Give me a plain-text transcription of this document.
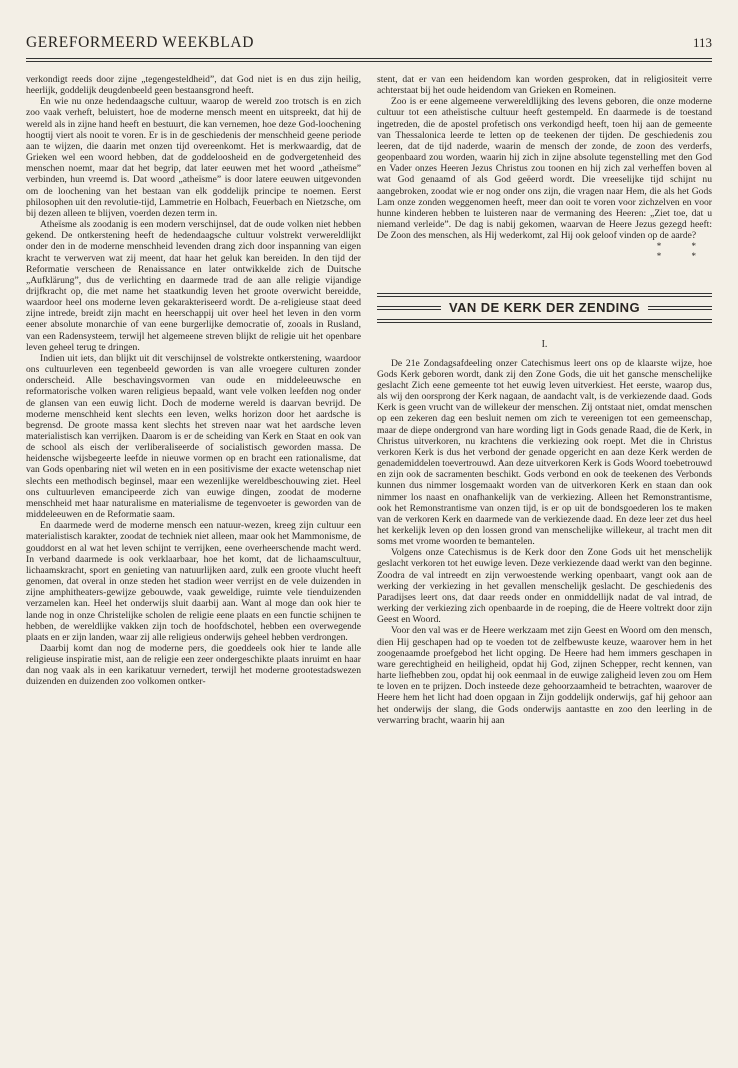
GEREFORMEERD WEEKBLAD	113

verkondigt reeds door zijne „tegengesteldheid”, dat God niet is en dus zijn heilig, heerlijk, goddelijk deugdenbeeld geen bestaansgrond heeft.

En wie nu onze hedendaagsche cultuur, waarop de wereld zoo trotsch is en zich zoo vaak verheft, beluistert, hoe de moderne mensch meent en uitspreekt, dat hij de wereld als in zijne hand heeft en bestuurt, die kan vernemen, hoe deze God-loochening hoogtij viert als nooit te voren. Er is in de geschiedenis der menschheid geene periode aan te wijzen, die daarin met onzen tijd overeenkomt. Het is merkwaardig, dat de Grieken wel een woord hebben, dat de goddeloosheid en de godvergetenheid des menschen noemt, maar dat het begrip, dat later eeuwen met het woord „atheïsme” verbinden, hun vreemd is. Dat woord „atheïsme” is door latere eeuwen uitgevonden om de loochening van het bestaan van elk goddelijk principe te noemen. Eerst philosophen uit den revolutie-tijd, Lammetrie en Holbach, Feuerbach en Nietzsche, om bij dezen alleen te blijven, voerden dezen term in.

Atheïsme als zoodanig is een modern verschijnsel, dat de oude volken niet hebben gekend. De ontkerstening heeft de hedendaagsche cultuur volstrekt verwereldlijkt onder den in de moderne menschheid levenden drang zich door inspanning van eigen kracht te verwerven wat zij meent, dat haar het geluk kan bereiden. In den tijd der Reformatie verscheen de Renaissance en later ontwikkelde zich de Duitsche „Aufklärung”, dus de verlichting en daarmede trad de aan alle religie vijandige drijfkracht op, die met name het staatkundig leven het groote overwicht bereidde, waardoor heel ons moderne leven gekarakteriseerd wordt. De a-religieuse staat deed zijne intrede, breidt zijn macht en heerschappij uit over heel het leven in den vorm eener absolute monarchie of van eene burgerlijke democratie of, zooals in Rusland, van een Radensysteem, terwijl het algemeene streven blijkt de religie uit het openbare leven geheel terug te dringen.

Indien uit iets, dan blijkt uit dit verschijnsel de volstrekte ontkerstening, waardoor ons cultuurleven een tegenbeeld geworden is van alle vroegere culturen zonder onderscheid. Alle beschavingsvormen van oude en middeleeuwsche en reformatorische volken waren religieus bepaald, want vele volken leefden nog onder de glansen van een euwig licht. Doch de moderne wereld is daarvan bevrijd. De moderne menschheid kent slechts een leven, welks horizon door het aardsche is begrensd. De groote massa kent slechts het streven naar wat het aardsche leven materialistisch kan verrijken. Daarom is er de scheiding van Kerk en Staat en ook van de school als eisch der verliberaliseerde of socialistisch geworden massa. De heidensche wijsbegeerte leefde in nieuwe vormen op en bracht een rationalisme, dat van Gods openbaring niet wil weten en in een positivisme der exacte wetenschap niet slechts een methodisch beginsel, maar een wezenlijke wereldbeschouwing ziet. Heel ons cultuurleven emancipeerde zich van euwige dingen, zoodat de moderne menschheid met haar naturalisme en materialisme de tegenvoeter is geworden van de middeleeuwen en de Reformatie saam.

En daarmede werd de moderne mensch een natuur-wezen, kreeg zijn cultuur een materialistisch karakter, zoodat de techniek niet alleen, maar ook het Mammonisme, de gouddorst en al wat het leven schijnt te verrijken, eene overheerschende macht werd. In verband daarmede is ook verklaarbaar, hoe het komt, dat de lichaamscultuur, lichaamskracht, sport en genieting van natuurlijken aard, zulk een groote vlucht heeft genomen, dat overal in onze steden het stadion weer verrijst en de vele duizenden in zijne amphitheaters-gewijze gebouwde, vaak geweldige, ruimte vele tienduizenden verzamelen kan. Heel het onderwijs sluit daarbij aan. Want al moge dan ook hier te lande nog in onze Christelijke scholen de religie eene plaats en een functie schijnen te hebben, de wereldlijke vakken zijn toch de hoofdschotel, hebben een overwegende plaats en er zijn landen, waar zij alle religieus onderwijs geheel hebben verdrongen.

Daarbij komt dan nog de moderne pers, die goeddeels ook hier te lande alle religieuse inspiratie mist, aan de religie een zeer ondergeschikte plaats inruimt en haar dan nog vaak als in een karikatuur vernedert, terwijl het moderne grootestadswezen duizenden en duizenden zoo volkomen ontker-

stent, dat er van een heidendom kan worden gesproken, dat in religiositeit verre achterstaat bij het oude heidendom van Grieken en Romeinen.

Zoo is er eene algemeene verwereldlijking des levens geboren, die onze moderne cultuur tot een atheïstische cultuur heeft gestempeld. En daarmede is de toestand ingetreden, die de apostel profetisch ons verkondigd heeft, toen hij aan de gemeente van Thessalonica leerde te letten op de teekenen der tijden. De geschiedenis zou leeren, dat de tijd naderde, waarin de mensch der zonde, de zoon des verderfs, geopenbaard zou worden, waarin hij zich in zijne absolute tegenstelling met den God en Vader onzes Heeren Jezus Christus zou toonen en hij zich zal verheffen boven al wat God genaamd of als God geëerd wordt. Die vreeselijke tijd schijnt nu aangebroken, zoodat wie er nog onder ons zijn, die vragen naar Hem, die als het Gods Lam onze zonden weggenomen heeft, meer dan ooit te voren voor zichzelven en voor hunne kinderen hebben te luisteren naar de vermaning des Heeren: „Ziet toe, dat u niemand verleide”. De dag is nabij gekomen, waarvan de Heere Jezus gezegd heeft: De Zoon des menschen, als Hij wederkomt, zal Hij ook geloof vinden op de aarde?

* *
* *
VAN DE KERK DER ZENDING
I.

De 21e Zondagsafdeeling onzer Catechismus leert ons op de klaarste wijze, hoe Gods Kerk geboren wordt, dank zij den Zone Gods, die uit het gansche menschelijke geslacht Zich eene gemeente tot het euwig leven uitverkiest. Het eerste, waarop dus, als wij den oorsprong der Kerk nagaan, de aandacht valt, is de verkiezende daad. Gods Kerk is geen vrucht van de willekeur der menschen. Zij ontstaat niet, omdat menschen op een zekeren dag een besluit nemen om zich te vereenigen tot een gemeenschap, maar de diepe ondergrond van hare wording ligt in Gods genade Raad, die de Kerk, in Christus uitverkoren, nu krachtens die verkiezing ook roept. Met die in Christus verkoren Kerk is dus het verbond der genade opgericht en aan deze Kerk werden de genademiddelen toevertrouwd. Aan deze uitverkoren Kerk is Gods Woord toebetrouwd en zijn ook de sacramenten beschikt. Gods verbond en ook de teekenen des Verbonds kunnen dus nimmer losgemaakt worden van de uitverkoren Kerk en staan dan ook nimmer los naast en onafhankelijk van de verkiezing. Alleen het Remonstrantisme, ook het Remonstrantisme van onzen tijd, is er op uit de bondsgoederen los te maken van de verkoren Kerk en daarmede van de verkiezende daad. En deze leer zet dus heel het kerkelijk leven op den lossen grond van menschelijke willekeur, al tracht men dit soms met vrome woorden te bemantelen.

Volgens onze Catechismus is de Kerk door den Zone Gods uit het menschelijk geslacht verkoren tot het euwige leven. Deze verkiezende daad werkt van den beginne. Zoodra de val intreedt en zijn verwoestende werking openbaart, vangt ook aan de werking der verkiezing in het gevallen menschelijk geslacht. De geschiedenis des Paradijses leert ons, dat daar reeds onder en onmiddellijk nadat de val intrad, de werking der verkiezing zich openbaarde in de roeping, die de Heere voltrekt door zijn Geest en Woord.

Voor den val was er de Heere werkzaam met zijn Geest en Woord om den mensch, dien Hij geschapen had op te voeden tot de zelfbewuste keuze, waarover hem in het zoogenaamde proefgebod het licht opging. De Heere had hem immers geschapen in ware gerechtigheid en heiligheid, opdat hij God, zijnen Schepper, recht kennen, van harte liefhebben zou, opdat hij ook eenmaal in de euwige zaligheid leven zou om Hem te loven en te prijzen. Doch insteede deze gehoorzaamheid te betrachten, waarover de Heere hem het licht had doen opgaan in Zijn goddelijk onderwijs, gaf hij gehoor aan het onderwijs der slang, die Gods onderwijs aantastte en zoo den leerling in de verwarring bracht, waarin hij aan
